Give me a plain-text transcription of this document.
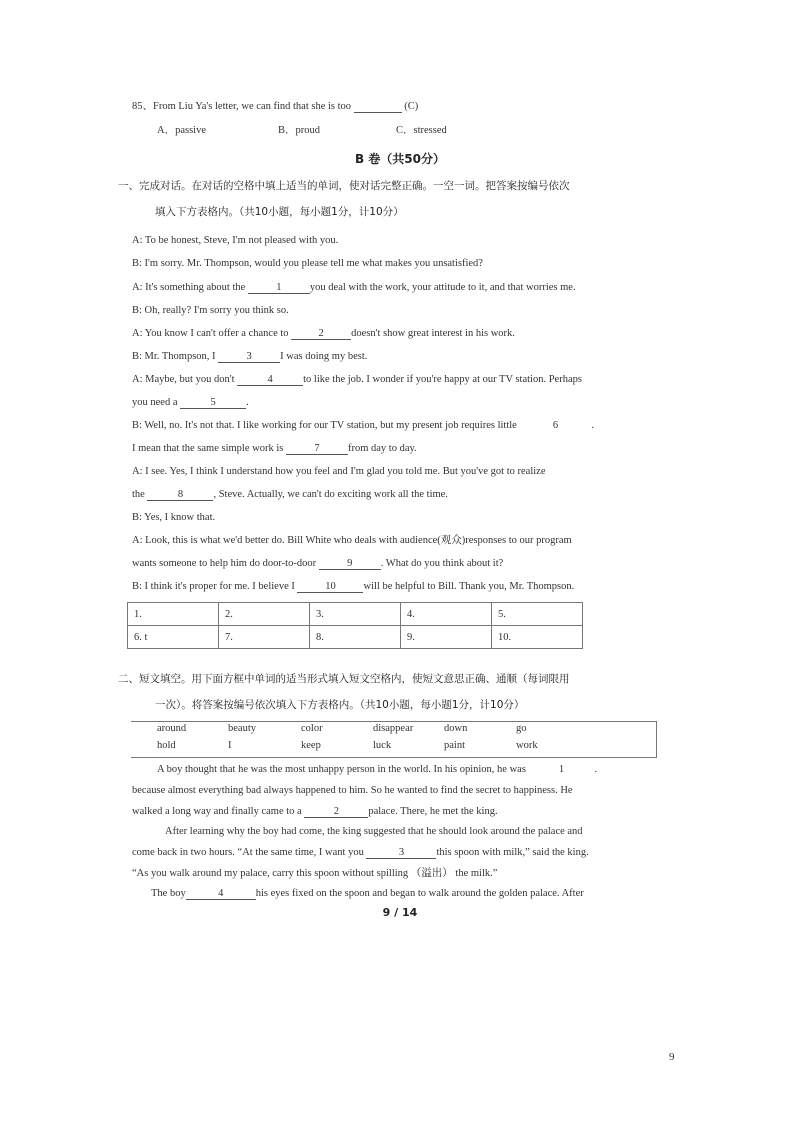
85、From Liu Ya's letter, we can find that she is too	(C)
A．passive	B．proud	C．stressed
B 卷（共50分）
一、完成对话。在对话的空格中填上适当的单词，使对话完整正确。一空一词。把答案按编号依次
填入下方表格内。（共10小题，每小题1分，计10分）
A: To be honest, Steve, I'm not pleased with you.
B: I'm sorry. Mr. Thompson, would you please tell me what makes you unsatisfied?
A: It's something about the	1	you deal with the work, your attitude to it, and that worries me.
B: Oh, really? I'm sorry you think so.
A: You know I can't offer a chance to	2	doesn't show great interest in his work.
B: Mr. Thompson, I	3	I was doing my best.
A: Maybe, but you don't	4	to like the job. I wonder if you're happy at our TV station. Perhaps
you need a	5	.
B: Well, no. It's not that. I like working for our TV station, but my present job requires little	6	.
I mean that the same simple work is	7	from day to day.
A: I see. Yes, I think I understand how you feel and I'm glad you told me. But you've got to realize
the	8	, Steve. Actually, we can't do exciting work all the time.
B: Yes, I know that.
A: Look, this is what we'd better do. Bill White who deals with audience(观众)responses to our program
wants someone to help him do door-to-door	9	. What do you think about it?
B: I think it's proper for me. I believe I	10	will be helpful to Bill. Thank you, Mr. Thompson.
1.	2.	3.	4.	5.
6. t	7.	8.	9.	10.
二、短文填空。用下面方框中单词的适当形式填入短文空格内，使短文意思正确、通顺（每词限用
一次）。将答案按编号依次填入下方表格内。（共10小题，每小题1分，计10分）
around	beauty	color	disappear	down	go
hold	I	keep	luck	paint	work
A boy thought that he was the most unhappy person in the world. In his opinion, he was	1	.
because almost everything bad always happened to him. So he wanted to find the secret to happiness. He
walked a long way and finally came to a	2	palace. There, he met the king.
After learning why the boy had come, the king suggested that he should look around the palace and
come back in two hours. “At the same time, I want you	3	this spoon with milk,” said the king.
“As you walk around my palace, carry this spoon without spilling （溢出） the milk.”
The boy	4	his eyes fixed on the spoon and began to walk around the golden palace. After
9 / 14
9
